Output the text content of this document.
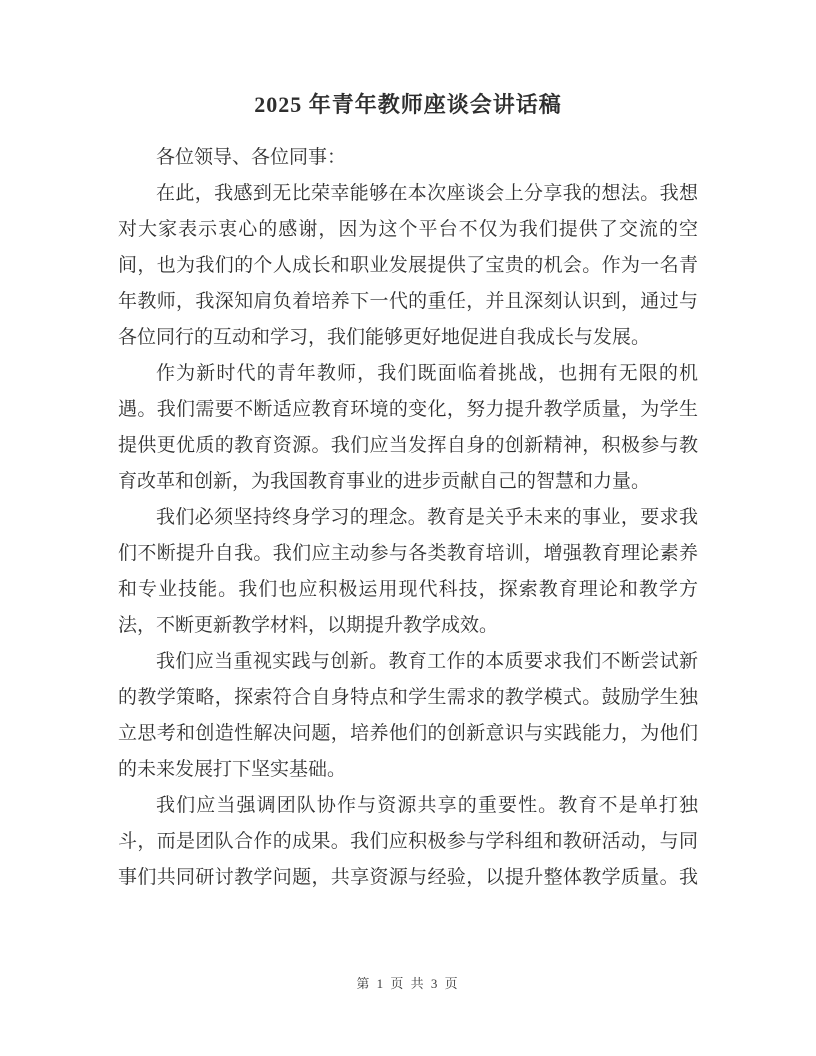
2025 年青年教师座谈会讲话稿
各位领导、各位同事：
在此，我感到无比荣幸能够在本次座谈会上分享我的想法。我想
对大家表示衷心的感谢，因为这个平台不仅为我们提供了交流的空
间，也为我们的个人成长和职业发展提供了宝贵的机会。作为一名青
年教师，我深知肩负着培养下一代的重任，并且深刻认识到，通过与
各位同行的互动和学习，我们能够更好地促进自我成长与发展。
作为新时代的青年教师，我们既面临着挑战，也拥有无限的机
遇。我们需要不断适应教育环境的变化，努力提升教学质量，为学生
提供更优质的教育资源。我们应当发挥自身的创新精神，积极参与教
育改革和创新，为我国教育事业的进步贡献自己的智慧和力量。
我们必须坚持终身学习的理念。教育是关乎未来的事业，要求我
们不断提升自我。我们应主动参与各类教育培训，增强教育理论素养
和专业技能。我们也应积极运用现代科技，探索教育理论和教学方
法，不断更新教学材料，以期提升教学成效。
我们应当重视实践与创新。教育工作的本质要求我们不断尝试新
的教学策略，探索符合自身特点和学生需求的教学模式。鼓励学生独
立思考和创造性解决问题，培养他们的创新意识与实践能力，为他们
的未来发展打下坚实基础。
我们应当强调团队协作与资源共享的重要性。教育不是单打独
斗，而是团队合作的成果。我们应积极参与学科组和教研活动，与同
事们共同研讨教学问题，共享资源与经验，以提升整体教学质量。我
第 1 页 共 3 页
